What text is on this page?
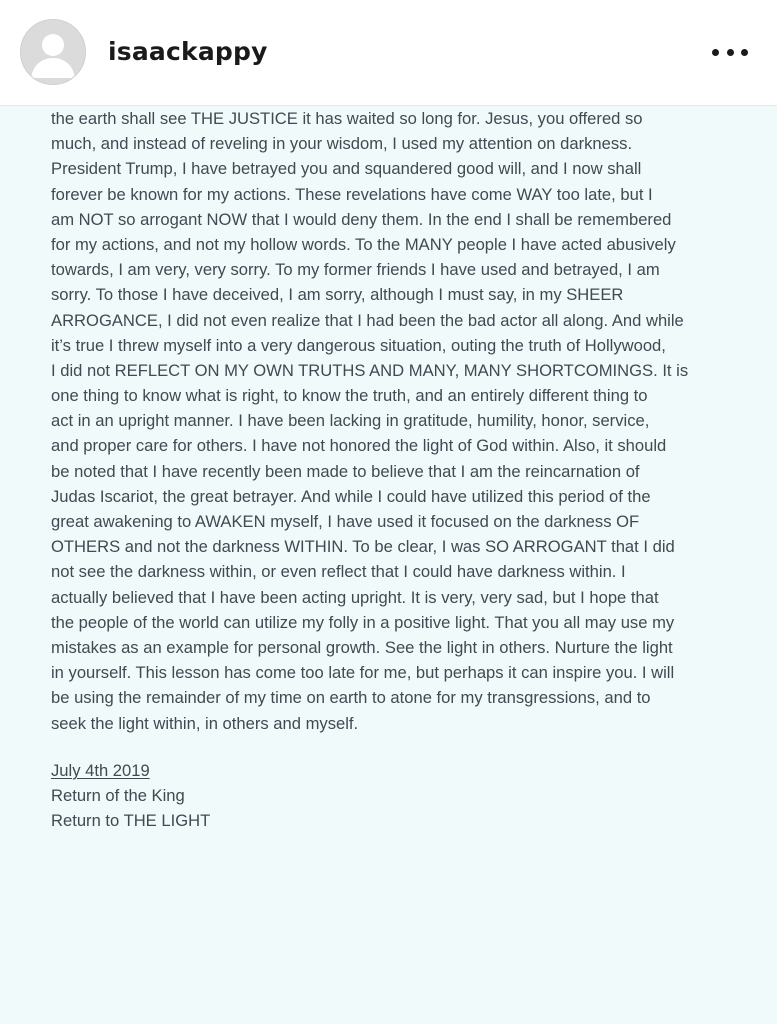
isaackappy
the earth shall see THE JUSTICE it has waited so long for. Jesus, you offered so
much, and instead of reveling in your wisdom, I used my attention on darkness.
President Trump, I have betrayed you and squandered good will, and I now shall
forever be known for my actions. These revelations have come WAY too late, but I
am NOT so arrogant NOW that I would deny them. In the end I shall be remembered
for my actions, and not my hollow words. To the MANY people I have acted abusively
towards, I am very, very sorry. To my former friends I have used and betrayed, I am
sorry. To those I have deceived, I am sorry, although I must say, in my SHEER
ARROGANCE, I did not even realize that I had been the bad actor all along. And while
it’s true I threw myself into a very dangerous situation, outing the truth of Hollywood,
I did not REFLECT ON MY OWN TRUTHS AND MANY, MANY SHORTCOMINGS. It is
one thing to know what is right, to know the truth, and an entirely different thing to
act in an upright manner. I have been lacking in gratitude, humility, honor, service,
and proper care for others. I have not honored the light of God within. Also, it should
be noted that I have recently been made to believe that I am the reincarnation of
Judas Iscariot, the great betrayer. And while I could have utilized this period of the
great awakening to AWAKEN myself, I have used it focused on the darkness OF
OTHERS and not the darkness WITHIN. To be clear, I was SO ARROGANT that I did
not see the darkness within, or even reflect that I could have darkness within. I
actually believed that I have been acting upright. It is very, very sad, but I hope that
the people of the world can utilize my folly in a positive light. That you all may use my
mistakes as an example for personal growth. See the light in others. Nurture the light
in yourself. This lesson has come too late for me, but perhaps it can inspire you. I will
be using the remainder of my time on earth to atone for my transgressions, and to
seek the light within, in others and myself.
July 4th 2019
Return of the King
Return to THE LIGHT
